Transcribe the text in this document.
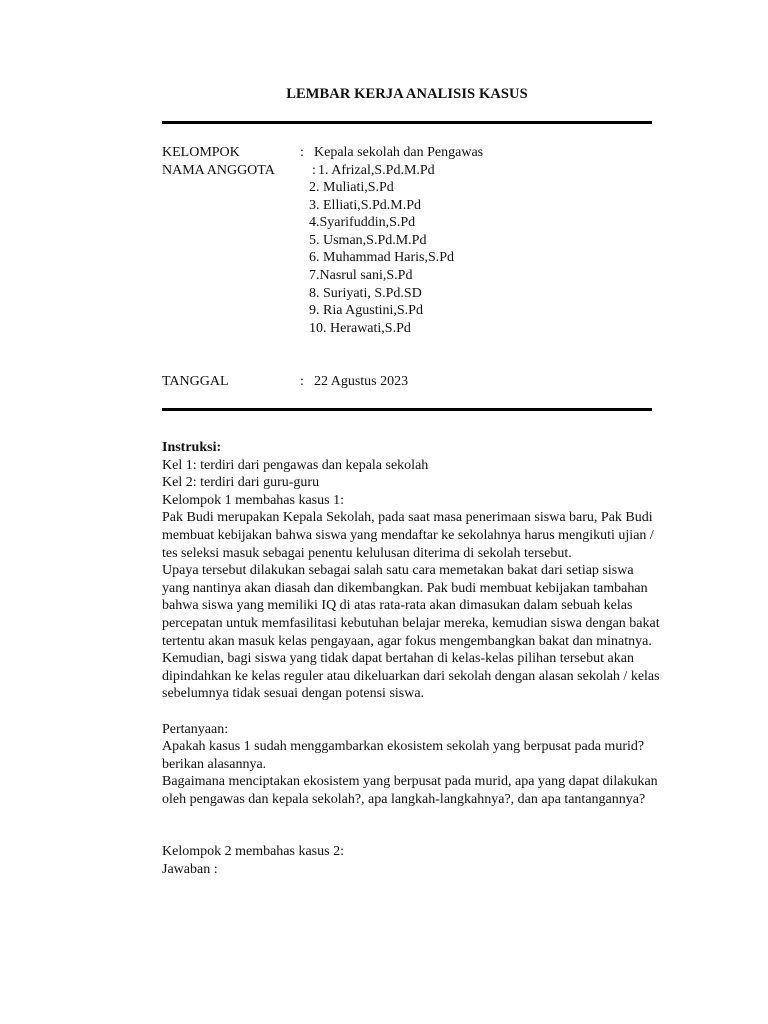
LEMBAR KERJA ANALISIS KASUS
KELOMPOK	: Kepala sekolah dan Pengawas
NAMA ANGGOTA	: 1. Afrizal,S.Pd.M.Pd
2. Muliati,S.Pd
3. Elliati,S.Pd.M.Pd
4.Syarifuddin,S.Pd
5. Usman,S.Pd.M.Pd
6. Muhammad Haris,S.Pd
7.Nasrul sani,S.Pd
8. Suriyati, S.Pd.SD
9. Ria Agustini,S.Pd
10. Herawati,S.Pd
TANGGAL	: 22 Agustus 2023

Instruksi:

Kel 1: terdiri dari pengawas dan kepala sekolah

Kel 2: terdiri dari guru-guru

Kelompok 1 membahas kasus 1:

Pak Budi merupakan Kepala Sekolah, pada saat masa penerimaan siswa baru, Pak Budi membuat kebijakan bahwa siswa yang mendaftar ke sekolahnya harus mengikuti ujian / tes seleksi masuk sebagai penentu kelulusan diterima di sekolah tersebut.

Upaya tersebut dilakukan sebagai salah satu cara memetakan bakat dari setiap siswa yang nantinya akan diasah dan dikembangkan. Pak budi membuat kebijakan tambahan bahwa siswa yang memiliki IQ di atas rata-rata akan dimasukan dalam sebuah kelas percepatan untuk memfasilitasi kebutuhan belajar mereka, kemudian siswa dengan bakat tertentu akan masuk kelas pengayaan, agar fokus mengembangkan bakat dan minatnya.

Kemudian, bagi siswa yang tidak dapat bertahan di kelas-kelas pilihan tersebut akan dipindahkan ke kelas reguler atau dikeluarkan dari sekolah dengan alasan sekolah / kelas sebelumnya tidak sesuai dengan potensi siswa.

Pertanyaan:

Apakah kasus 1 sudah menggambarkan ekosistem sekolah yang berpusat pada murid? berikan alasannya.

Bagaimana menciptakan ekosistem yang berpusat pada murid, apa yang dapat dilakukan oleh pengawas dan kepala sekolah?, apa langkah-langkahnya?, dan apa tantangannya?

Kelompok 2 membahas kasus 2:

Jawaban :
